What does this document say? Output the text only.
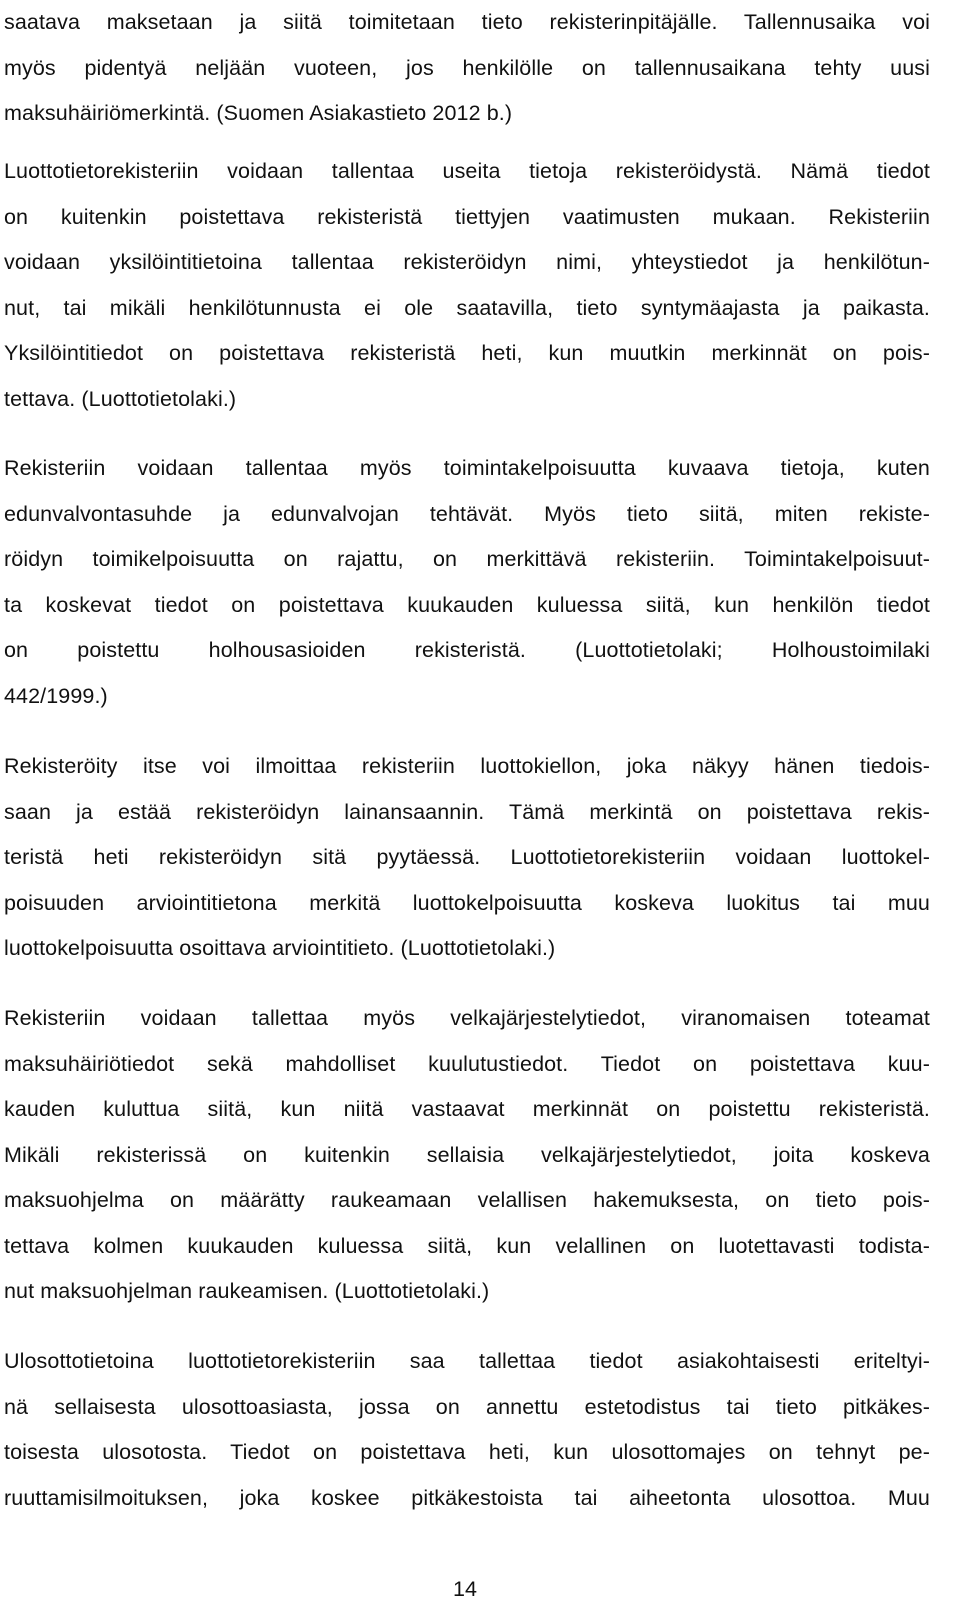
saatava maksetaan ja siitä toimitetaan tieto rekisterinpitäjälle. Tallennusaika voi
myös pidentyä neljään vuoteen, jos henkilölle on tallennusaikana tehty uusi
maksuhäiriömerkintä. (Suomen Asiakastieto 2012 b.)
Luottotietorekisteriin voidaan tallentaa useita tietoja rekisteröidystä. Nämä tiedot
on kuitenkin poistettava rekisteristä tiettyjen vaatimusten mukaan. Rekisteriin
voidaan yksilöintitietoina tallentaa rekisteröidyn nimi, yhteystiedot ja henkilötun-
nut, tai mikäli henkilötunnusta ei ole saatavilla, tieto syntymäajasta ja paikasta.
Yksilöintitiedot on poistettava rekisteristä heti, kun muutkin merkinnät on pois-
tettava. (Luottotietolaki.)
Rekisteriin voidaan tallentaa myös toimintakelpoisuutta kuvaava tietoja, kuten
edunvalvontasuhde ja edunvalvojan tehtävät. Myös tieto siitä, miten rekiste-
röidyn toimikelpoisuutta on rajattu, on merkittävä rekisteriin. Toimintakelpoisuut-
ta koskevat tiedot on poistettava kuukauden kuluessa siitä, kun henkilön tiedot
on poistettu holhousasioiden rekisteristä. (Luottotietolaki; Holhoustoimilaki
442/1999.)
Rekisteröity itse voi ilmoittaa rekisteriin luottokiellon, joka näkyy hänen tiedois-
saan ja estää rekisteröidyn lainansaannin. Tämä merkintä on poistettava rekis-
teristä heti rekisteröidyn sitä pyytäessä. Luottotietorekisteriin voidaan luottokel-
poisuuden arviointitietona merkitä luottokelpoisuutta koskeva luokitus tai muu
luottokelpoisuutta osoittava arviointitieto. (Luottotietolaki.)
Rekisteriin voidaan tallettaa myös velkajärjestelytiedot, viranomaisen toteamat
maksuhäiriötiedot sekä mahdolliset kuulutustiedot. Tiedot on poistettava kuu-
kauden kuluttua siitä, kun niitä vastaavat merkinnät on poistettu rekisteristä.
Mikäli rekisterissä on kuitenkin sellaisia velkajärjestelytiedot, joita koskeva
maksuohjelma on määrätty raukeamaan velallisen hakemuksesta, on tieto pois-
tettava kolmen kuukauden kuluessa siitä, kun velallinen on luotettavasti todista-
nut maksuohjelman raukeamisen. (Luottotietolaki.)
Ulosottotietoina luottotietorekisteriin saa tallettaa tiedot asiakohtaisesti eriteltyi-
nä sellaisesta ulosottoasiasta, jossa on annettu estetodistus tai tieto pitkäkes-
toisesta ulosotosta. Tiedot on poistettava heti, kun ulosottomajes on tehnyt pe-
ruuttamisilmoituksen, joka koskee pitkäkestoista tai aiheetonta ulosottoa. Muu
14
